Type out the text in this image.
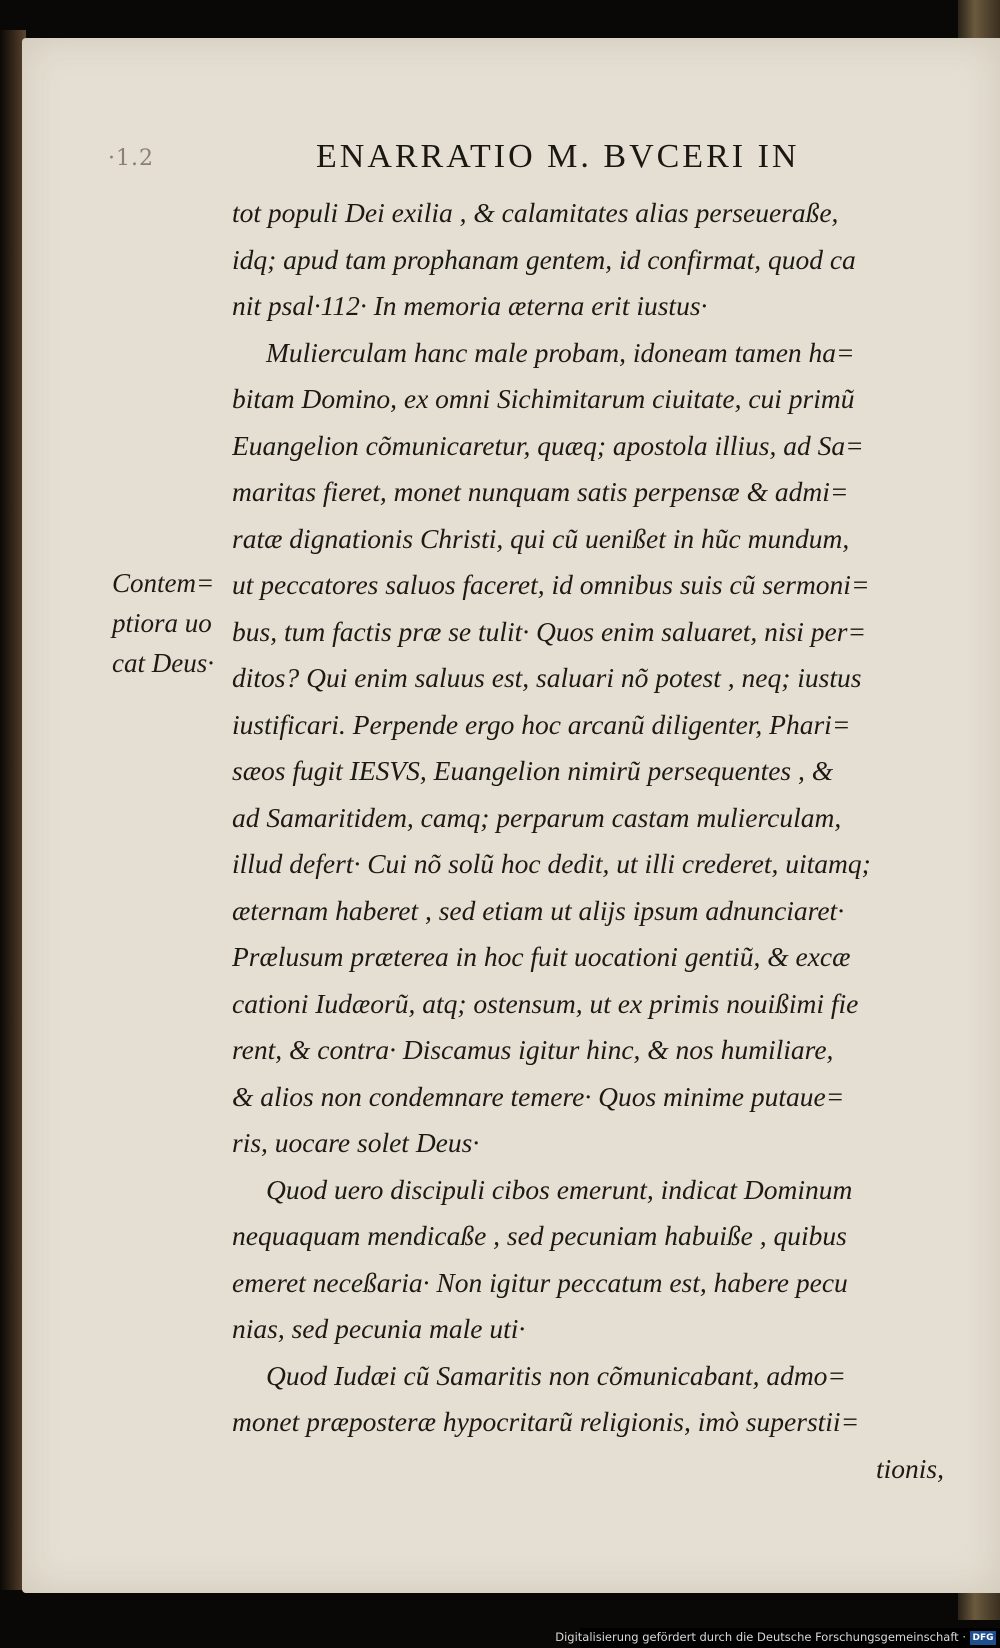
·1.2	ENARRATIO M. BVCERI IN
Contem=
ptiora uo
cat Deus·
tot populi Dei exilia , & calamitates alias perseueraße,
idq; apud tam prophanam gentem, id confirmat, quod ca
nit psal·112· In memoria æterna erit iustus·
Mulierculam hanc male probam, idoneam tamen ha=
bitam Domino, ex omni Sichimitarum ciuitate, cui primũ
Euangelion cõmunicaretur, quæq; apostola illius, ad Sa=
maritas fieret, monet nunquam satis perpensæ & admi=
ratæ dignationis Christi, qui cũ uenißet in hũc mundum,
ut peccatores saluos faceret, id omnibus suis cũ sermoni=
bus, tum factis præ se tulit· Quos enim saluaret, nisi per=
ditos? Qui enim saluus est, saluari nõ potest , neq; iustus
iustificari. Perpende ergo hoc arcanũ diligenter, Phari=
sæos fugit IESVS, Euangelion nimirũ persequentes , &
ad Samaritidem, camq; perparum castam mulierculam,
illud defert· Cui nõ solũ hoc dedit, ut illi crederet, uitamq;
æternam haberet , sed etiam ut alijs ipsum adnunciaret·
Prælusum præterea in hoc fuit uocationi gentiũ, & excæ
cationi Iudæorũ, atq; ostensum, ut ex primis nouißimi fie
rent, & contra· Discamus igitur hinc, & nos humiliare,
& alios non condemnare temere· Quos minime putaue=
ris, uocare solet Deus·
Quod uero discipuli cibos emerunt, indicat Dominum
nequaquam mendicaße , sed pecuniam habuiße , quibus
emeret neceßaria· Non igitur peccatum est, habere pecu
nias, sed pecunia male uti·
Quod Iudæi cũ Samaritis non cõmunicabant, admo=
monet præposteræ hypocritarũ religionis, imò superstii=
tionis,
Digitalisierung gefördert durch die Deutsche Forschungsgemeinschaft · DFG
